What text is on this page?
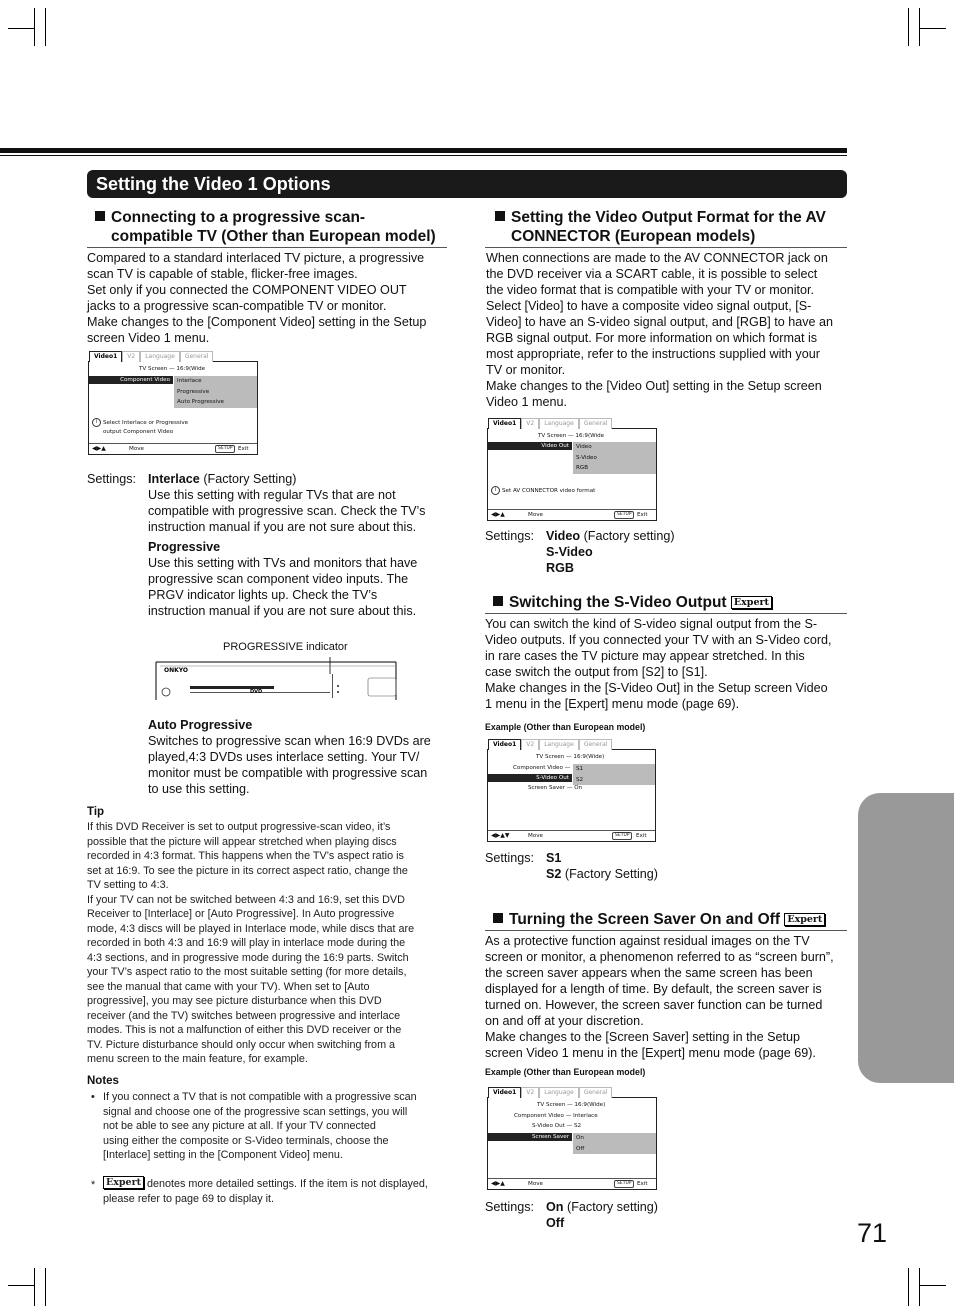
Setting the Video 1 Options
71
Connecting to a progressive scan-
compatible TV (Other than European model)
Compared to a standard interlaced TV picture, a progressive
scan TV is capable of stable, flicker-free images.
Set only if you connected the COMPONENT VIDEO OUT
jacks to a progressive scan-compatible TV or monitor.
Make changes to the [Component Video] setting in the Setup
screen Video 1 menu.
Video1	V2	Language	General
TV Screen — 16:9(Wide
Component Video	Interlace
Progressive
Auto Progressive
i Select Interlace or Progressive
output Component Video
◀▶▲	Move	SETUP Exit
Settings: Interlace (Factory Setting)
Use this setting with regular TVs that are not
compatible with progressive scan. Check the TV’s
instruction manual if you are not sure about this.
Progressive
Use this setting with TVs and monitors that have
progressive scan component video inputs. The
PRGV indicator lights up. Check the TV’s
instruction manual if you are not sure about this.
PROGRESSIVE indicator
ONKYO
DVD
Auto Progressive
Switches to progressive scan when 16:9 DVDs are
played,4:3 DVDs uses interlace setting. Your TV/
monitor must be compatible with progressive scan
to use this setting.
Tip
If this DVD Receiver is set to output progressive-scan video, it’s
possible that the picture will appear stretched when playing discs
recorded in 4:3 format. This happens when the TV’s aspect ratio is
set at 16:9. To see the picture in its correct aspect ratio, change the
TV setting to 4:3.
If your TV can not be switched between 4:3 and 16:9, set this DVD
Receiver to [Interlace] or [Auto Progressive]. In Auto progressive
mode, 4:3 discs will be played in Interlace mode, while discs that are
recorded in both 4:3 and 16:9 will play in interlace mode during the
4:3 sections, and in progressive mode during the 16:9 parts. Switch
your TV’s aspect ratio to the most suitable setting (for more details,
see the manual that came with your TV). When set to [Auto
progressive], you may see picture disturbance when this DVD
receiver (and the TV) switches between progressive and interlace
modes. This is not a malfunction of either this DVD receiver or the
TV. Picture disturbance should only occur when switching from a
menu screen to the main feature, for example.
Notes
• If you connect a TV that is not compatible with a progressive scan
signal and choose one of the progressive scan settings, you will
not be able to see any picture at all. If your TV connected
using either the composite or S-Video terminals, choose the
[Interlace] setting in the [Component Video] menu.
*	Expert denotes more detailed settings. If the item is not displayed,
please refer to page 69 to display it.
Setting the Video Output Format for the AV
CONNECTOR (European models)
When connections are made to the AV CONNECTOR jack on
the DVD receiver via a SCART cable, it is possible to select
the video format that is compatible with your TV or monitor.
Select [Video] to have a composite video signal output, [S-
Video] to have an S-video signal output, and [RGB] to have an
RGB signal output. For more information on which format is
most appropriate, refer to the instructions supplied with your
TV or monitor.
Make changes to the [Video Out] setting in the Setup screen
Video 1 menu.
Video1	V2	Language	General
TV Screen — 16:9(Wide
Video Out	Video
S-Video
RGB
i Set AV CONNECTOR video format
◀▶▲	Move	SETUP Exit
Settings: Video (Factory setting)
S-Video
RGB
Switching the S-Video Output Expert
You can switch the kind of S-video signal output from the S-
Video outputs. If you connected your TV with an S-Video cord,
in rare cases the TV picture may appear stretched. In this
case switch the output from [S2] to [S1].
Make changes in the [S-Video Out] in the Setup screen Video
1 menu in the [Expert] menu mode (page 69).
Example (Other than European model)
Video1	V2	Language	General
TV Screen — 16:9(Wide)
Component Video —
S-Video Out
Screen Saver — On
S1
S2
◀▶▲▼	Move	SETUP	Exit
Settings: S1
S2 (Factory Setting)
Turning the Screen Saver On and Off Expert
As a protective function against residual images on the TV
screen or monitor, a phenomenon referred to as “screen burn”,
the screen saver appears when the same screen has been
displayed for a length of time. By default, the screen saver is
turned on. However, the screen saver function can be turned
on and off at your discretion.
Make changes to the [Screen Saver] setting in the Setup
screen Video 1 menu in the [Expert] menu mode (page 69).
Example (Other than European model)
Video1	V2	Language	General
TV Screen — 16:9(Wide)
Component Video — Interlace
S-Video Out — S2
Screen Saver	On
Off
◀▶▲	Move	SETUP Exit
Settings: On (Factory setting)
Off
